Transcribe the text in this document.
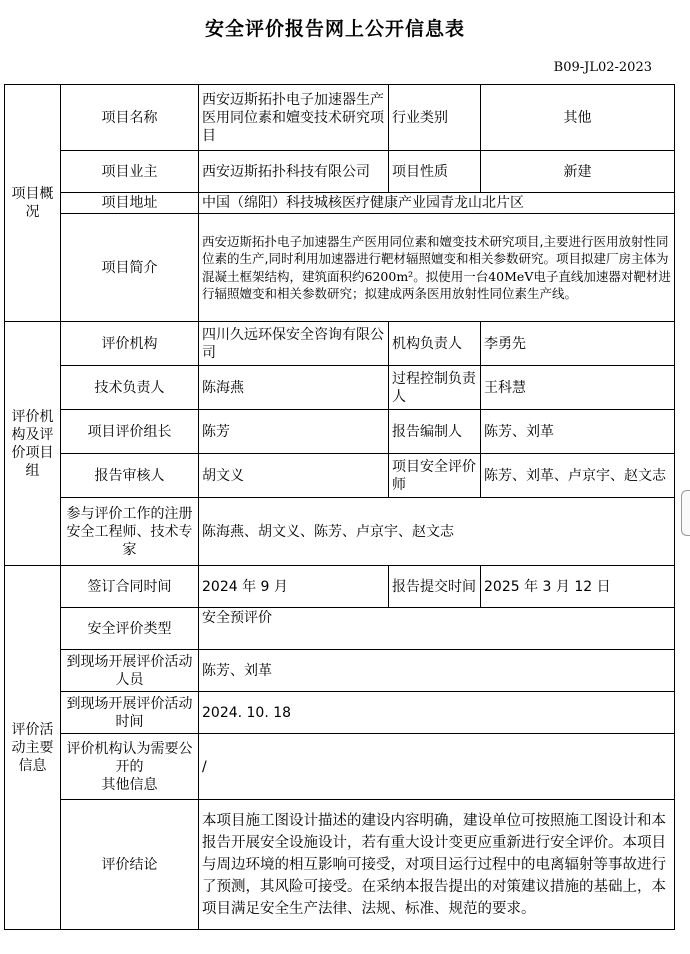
安全评价报告网上公开信息表
B09-JL02-2023
项目概况	项目名称	西安迈斯拓扑电子加速器生产医用同位素和嬗变技术研究项目	行业类别	其他
	项目业主	西安迈斯拓扑科技有限公司	项目性质	新建
	项目地址	中国（绵阳）科技城核医疗健康产业园青龙山北片区		
	项目简介	西安迈斯拓扑电子加速器生产医用同位素和嬗变技术研究项目,主要进行医用放射性同位素的生产,同时利用加速器进行靶材辐照嬗变和相关参数研究。项目拟建厂房主体为混凝土框架结构，建筑面积约6200m²。拟使用一台40MeV电子直线加速器对靶材进行辐照嬗变和相关参数研究；拟建成两条医用放射性同位素生产线。		
评价机构及评价项目组	评价机构	四川久远环保安全咨询有限公司	机构负责人	李勇先
	技术负责人	陈海燕	过程控制负责人	王科慧
	项目评价组长	陈芳	报告编制人	陈芳、刘革
	报告审核人	胡文义	项目安全评价师	陈芳、刘革、卢京宇、赵文志
	参与评价工作的注册安全工程师、技术专家	陈海燕、胡文义、陈芳、卢京宇、赵文志		
评价活动主要信息	签订合同时间	2024 年 9 月	报告提交时间	2025 年 3 月 12 日
	安全评价类型	安全预评价		
	到现场开展评价活动人员	陈芳、刘革		
	到现场开展评价活动时间	2024. 10. 18		
	评价机构认为需要公开的
其他信息	/		
	评价结论	本项目施工图设计描述的建设内容明确，建设单位可按照施工图设计和本报告开展安全设施设计，若有重大设计变更应重新进行安全评价。本项目与周边环境的相互影响可接受，对项目运行过程中的电离辐射等事故进行了预测，其风险可接受。在采纳本报告提出的对策建议措施的基础上，本项目满足安全生产法律、法规、标准、规范的要求。		
